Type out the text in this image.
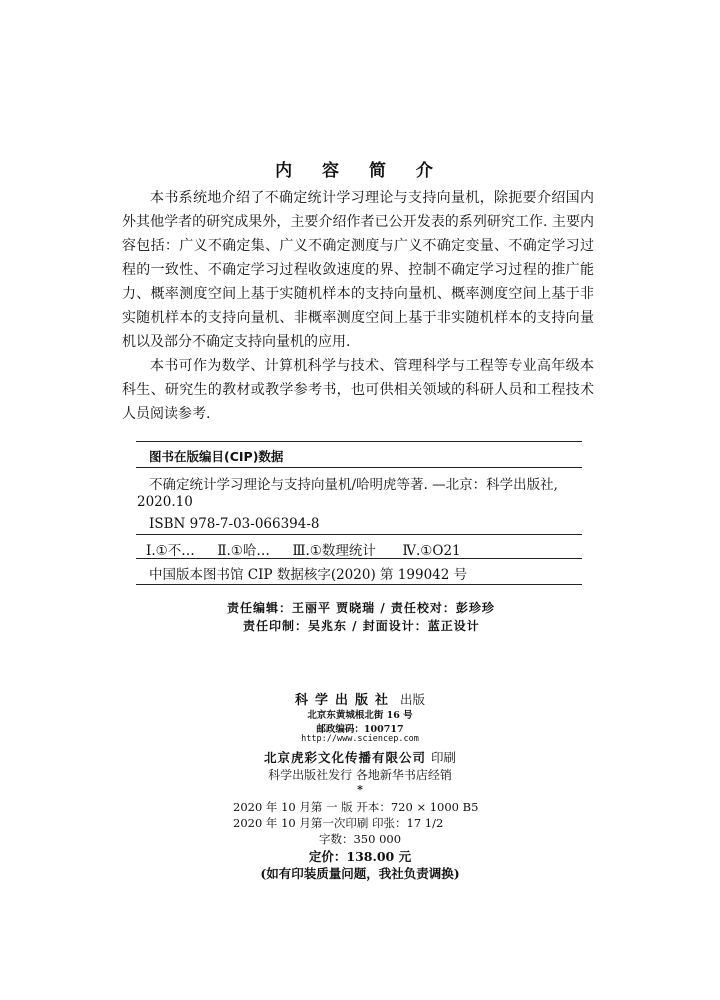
内 容 简 介

本书系统地介绍了不确定统计学习理论与支持向量机，除扼要介绍国内外其他学者的研究成果外，主要介绍作者已公开发表的系列研究工作. 主要内容包括：广义不确定集、广义不确定测度与广义不确定变量、不确定学习过程的一致性、不确定学习过程收敛速度的界、控制不确定学习过程的推广能力、概率测度空间上基于实随机样本的支持向量机、概率测度空间上基于非实随机样本的支持向量机、非概率测度空间上基于非实随机样本的支持向量机以及部分不确定支持向量机的应用.

本书可作为数学、计算机科学与技术、管理科学与工程等专业高年级本科生、研究生的教材或教学参考书，也可供相关领域的科研人员和工程技术人员阅读参考.

图书在版编目(CIP)数据
不确定统计学习理论与支持向量机/哈明虎等著. —北京：科学出版社,
2020.10
ISBN 978-7-03-066394-8
Ⅰ.①不… Ⅱ.①哈… Ⅲ.①数理统计 Ⅳ.①O21
中国版本图书馆 CIP 数据核字(2020) 第 199042 号
责任编辑：王丽平 贾晓瑞 / 责任校对：彭珍珍
责任印制：吴兆东 / 封面设计：蓝正设计
科学出版社 出版
北京东黄城根北街 16 号
邮政编码：100717
http://www.sciencep.com
北京虎彩文化传播有限公司 印刷
科学出版社发行 各地新华书店经销
*
2020 年 10 月第 一 版 开本：720 × 1000 B5
2020 年 10 月第一次印刷 印张：17 1/2
字数：350 000
定价：138.00 元
(如有印装质量问题，我社负责调换)
